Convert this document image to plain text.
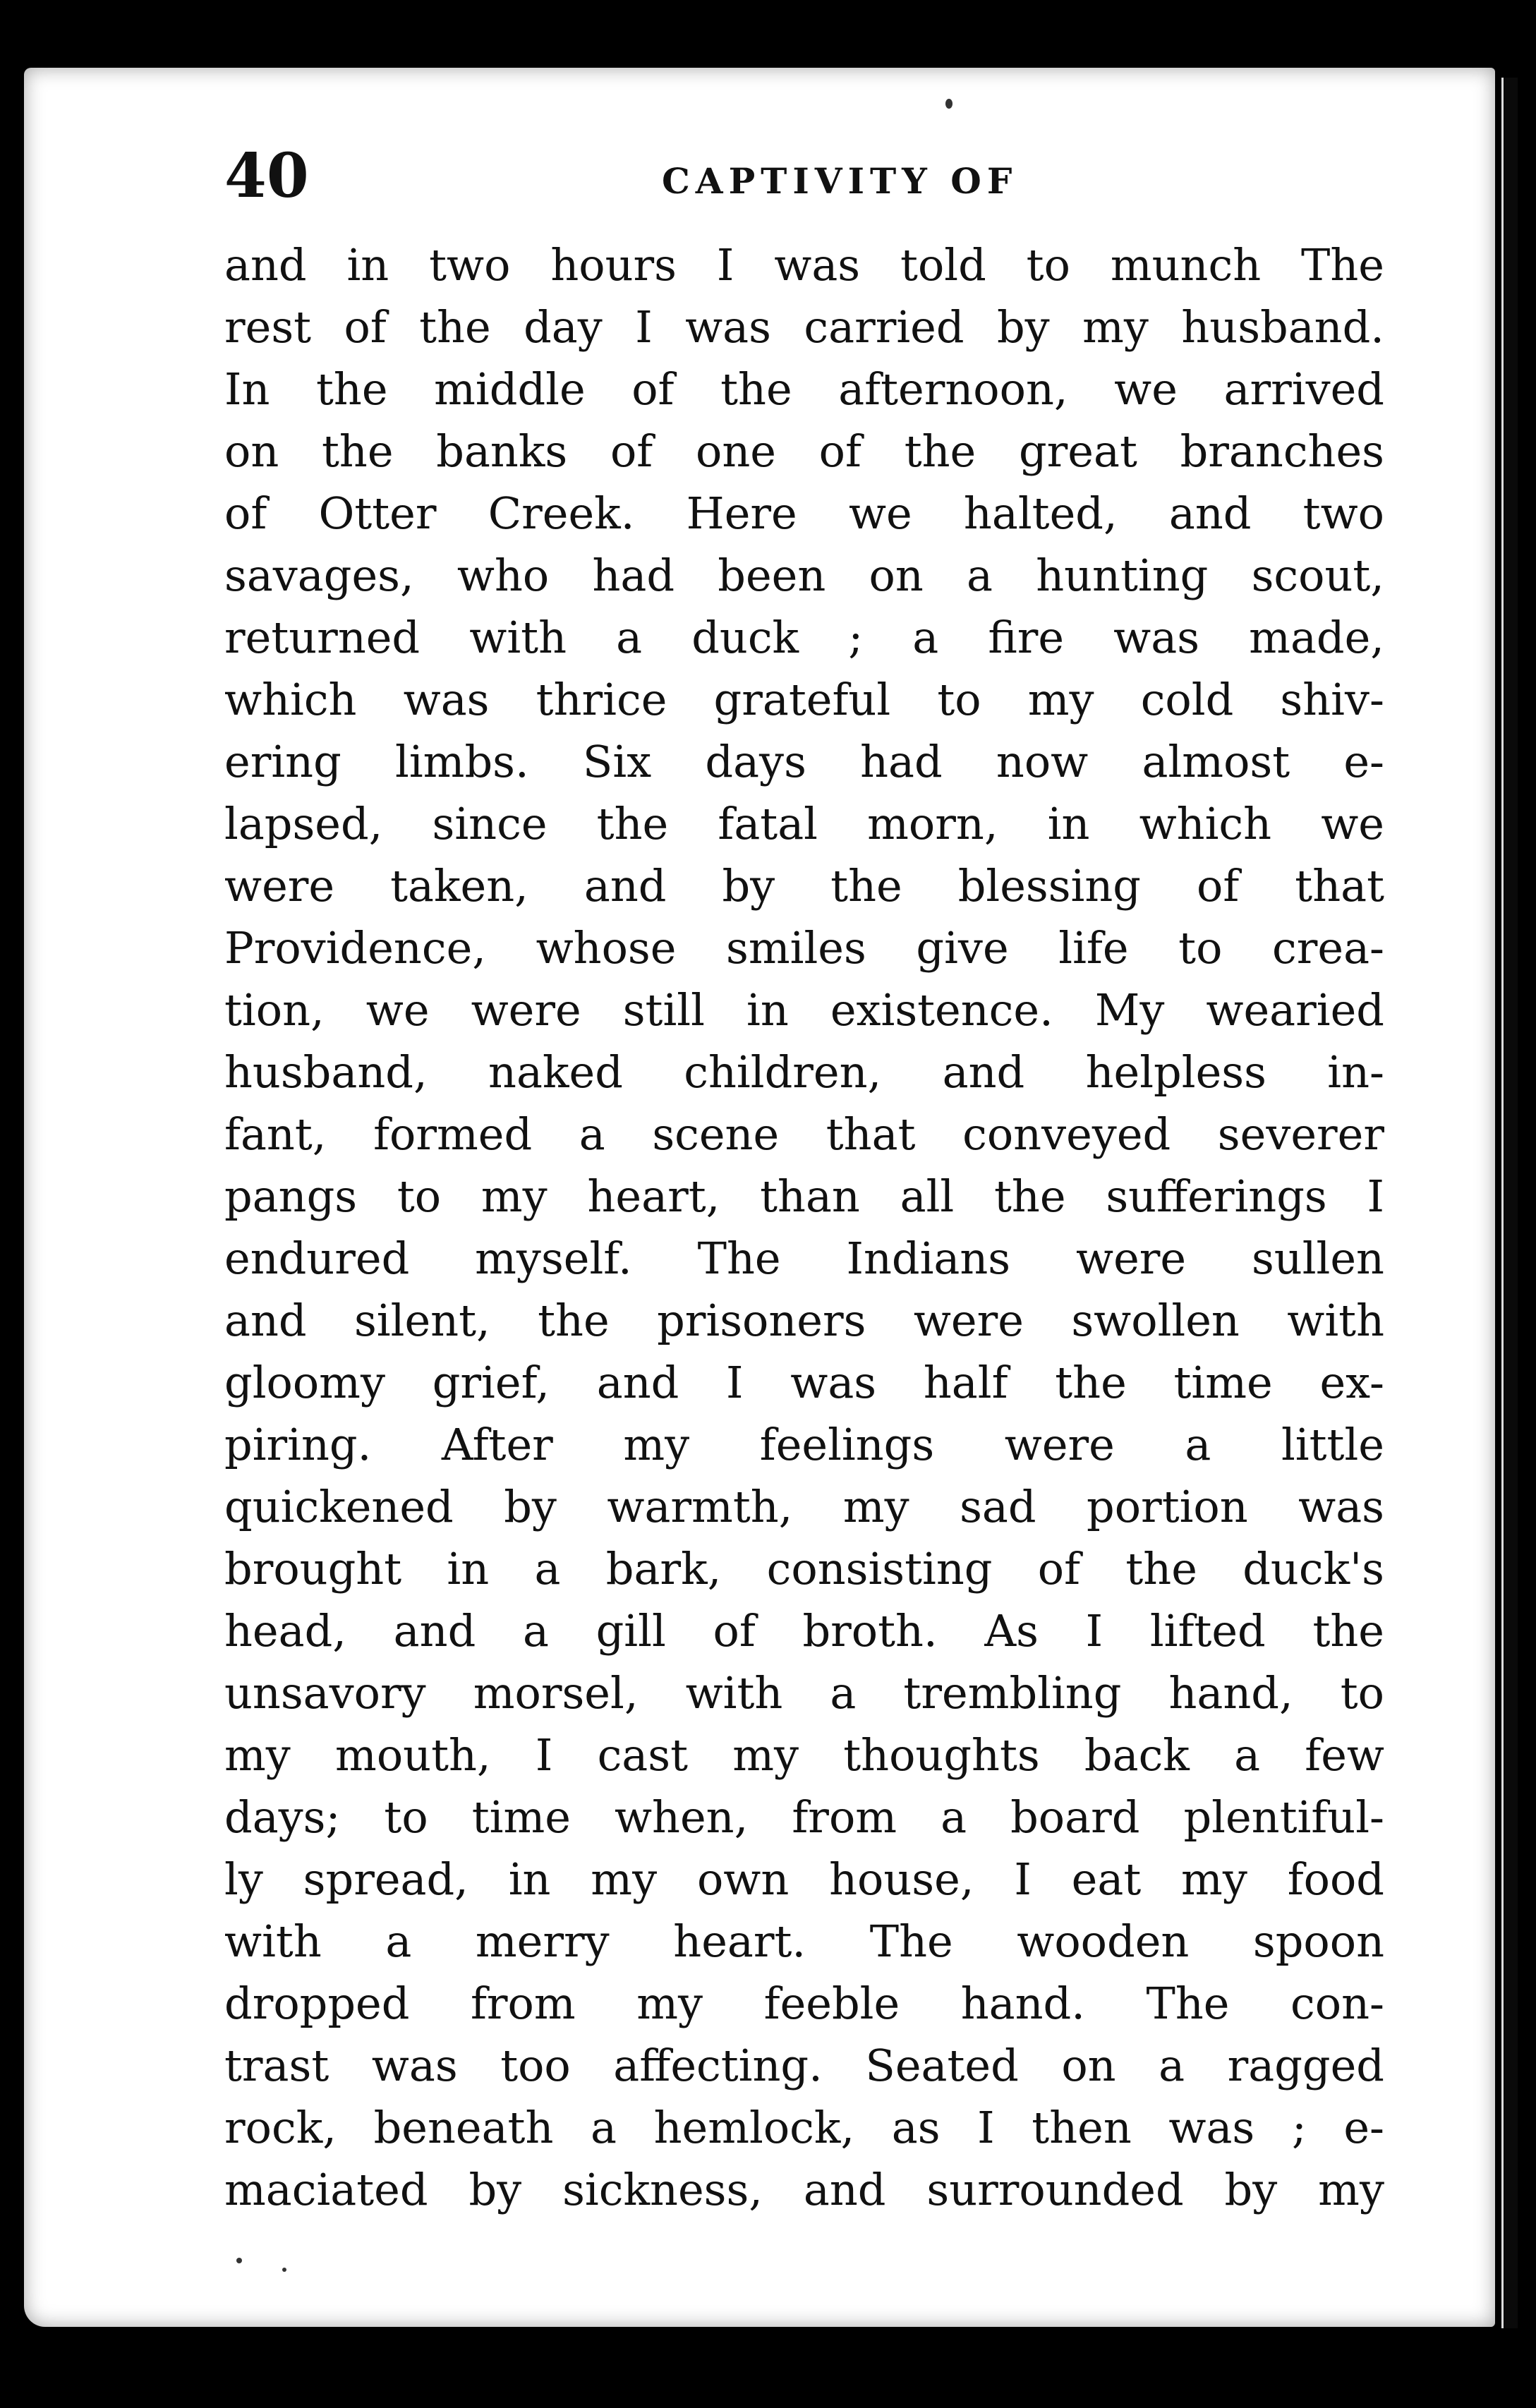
40	CAPTIVITY OF
and in two hours I was told to munch The
rest of the day I was carried by my husband.
In the middle of the afternoon, we arrived
on the banks of one of the great branches
of Otter Creek. Here we halted, and two
savages, who had been on a hunting scout,
returned with a duck ; a fire was made,
which was thrice grateful to my cold shiv-
ering limbs. Six days had now almost e-
lapsed, since the fatal morn, in which we
were taken, and by the blessing of that
Providence, whose smiles give life to crea-
tion, we were still in existence. My wearied
husband, naked children, and helpless in-
fant, formed a scene that conveyed severer
pangs to my heart, than all the sufferings I
endured myself. The Indians were sullen
and silent, the prisoners were swollen with
gloomy grief, and I was half the time ex-
piring. After my feelings were a little
quickened by warmth, my sad portion was
brought in a bark, consisting of the duck's
head, and a gill of broth. As I lifted the
unsavory morsel, with a trembling hand, to
my mouth, I cast my thoughts back a few
days; to time when, from a board plentiful-
ly spread, in my own house, I eat my food
with a merry heart. The wooden spoon
dropped from my feeble hand. The con-
trast was too affecting. Seated on a ragged
rock, beneath a hemlock, as I then was ; e-
maciated by sickness, and surrounded by my
